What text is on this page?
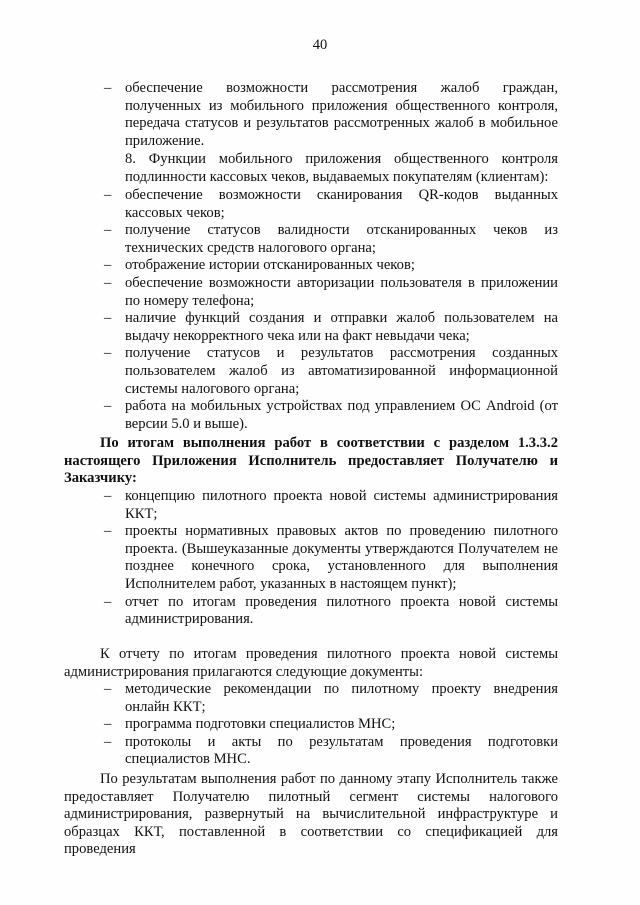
40
– обеспечение возможности рассмотрения жалоб граждан, полученных из мобильного приложения общественного контроля, передача статусов и результатов рассмотренных жалоб в мобильное приложение.
8. Функции мобильного приложения общественного контроля подлинности кассовых чеков, выдаваемых покупателям (клиентам):
– обеспечение возможности сканирования QR-кодов выданных кассовых чеков;
– получение статусов валидности отсканированных чеков из технических средств налогового органа;
– отображение истории отсканированных чеков;
– обеспечение возможности авторизации пользователя в приложении по номеру телефона;
– наличие функций создания и отправки жалоб пользователем на выдачу некорректного чека или на факт невыдачи чека;
– получение статусов и результатов рассмотрения созданных пользователем жалоб из автоматизированной информационной системы налогового органа;
– работа на мобильных устройствах под управлением ОС Android (от версии 5.0 и выше).

По итогам выполнения работ в соответствии с разделом 1.3.3.2 настоящего Приложения Исполнитель предоставляет Получателю и Заказчику:

– концепцию пилотного проекта новой системы администрирования ККТ;
– проекты нормативных правовых актов по проведению пилотного проекта. (Вышеуказанные документы утверждаются Получателем не позднее конечного срока, установленного для выполнения Исполнителем работ, указанных в настоящем пункт);
– отчет по итогам проведения пилотного проекта новой системы администрирования.

К отчету по итогам проведения пилотного проекта новой системы администрирования прилагаются следующие документы:

– методические рекомендации по пилотному проекту внедрения онлайн ККТ;
– программа подготовки специалистов МНС;
– протоколы и акты по результатам проведения подготовки специалистов МНС.

По результатам выполнения работ по данному этапу Исполнитель также предоставляет Получателю пилотный сегмент системы налогового администрирования, развернутый на вычислительной инфраструктуре и образцах ККТ, поставленной в соответствии со спецификацией для проведения
